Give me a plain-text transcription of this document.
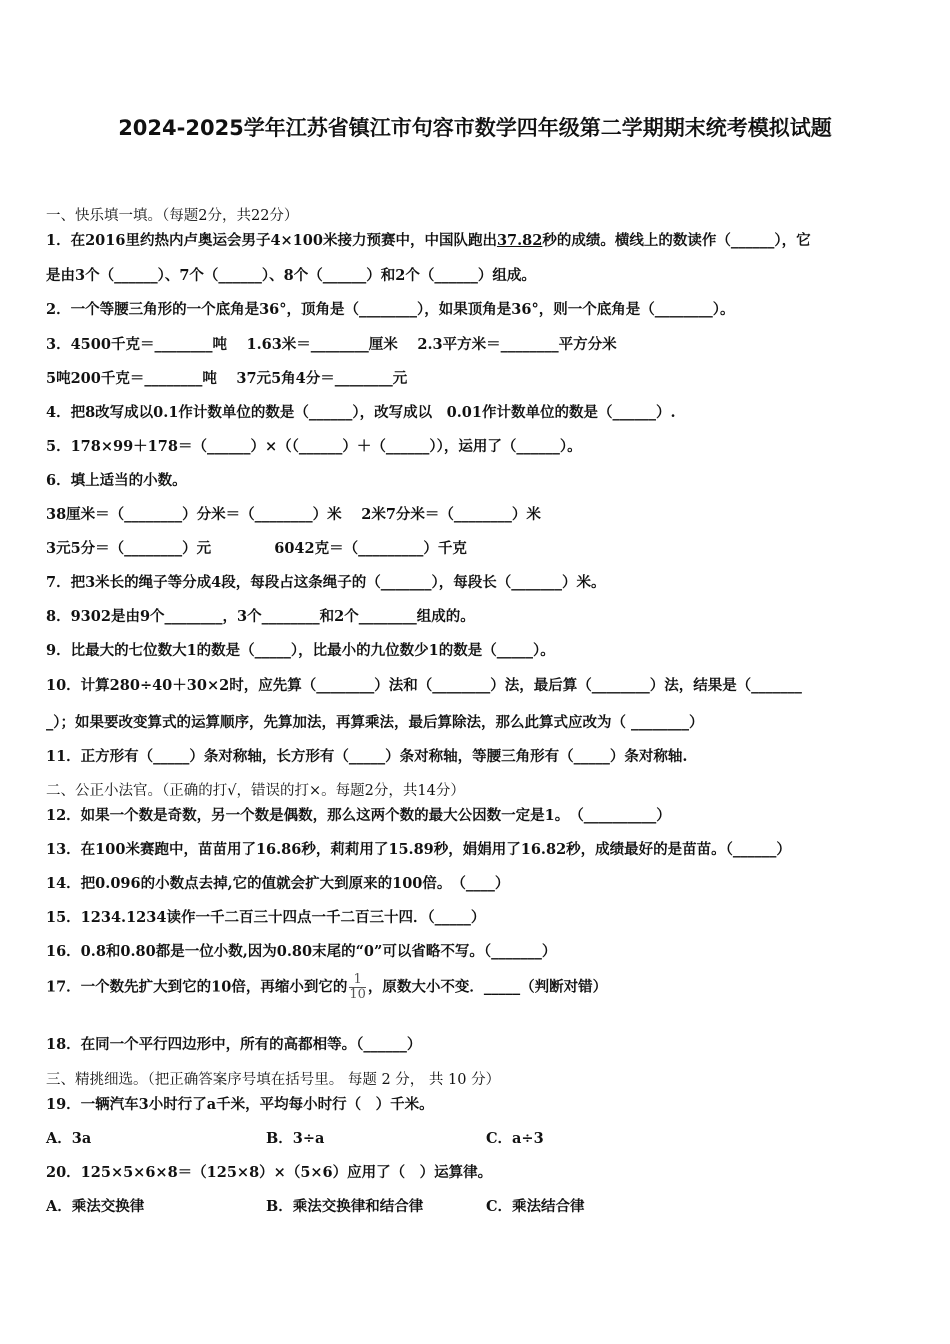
2024-2025学年江苏省镇江市句容市数学四年级第二学期期末统考模拟试题
一、快乐填一填。（每题2分，共22分）
1．在2016里约热内卢奥运会男子4×100米接力预赛中，中国队跑出37.82秒的成绩。横线上的数读作（______），它
是由3个（______）、7个（______）、8个（______）和2个（______）组成。
2．一个等腰三角形的一个底角是36°，顶角是（________），如果顶角是36°，则一个底角是（________）。
3．4500千克＝________吨　 1.63米＝________厘米　 2.3平方米＝________平方分米
5吨200千克＝________吨　 37元5角4分＝________元
4．把8改写成以0.1作计数单位的数是（______），改写成以　0.01作计数单位的数是（______）.
5．178×99＋178＝（______）×（（______）＋（______）），运用了（______）。
6．填上适当的小数。
38厘米＝（________）分米＝（________）米　 2米7分米＝（________）米
3元5分＝（________）元　　　　 6042克＝（_________）千克
7．把3米长的绳子等分成4段，每段占这条绳子的（_______），每段长（_______）米。
8．9302是由9个________，3个________和2个________组成的。
9．比最大的七位数大1的数是（_____），比最小的九位数少1的数是（_____）。
10．计算280÷40＋30×2时，应先算（________）法和（________）法，最后算（________）法，结果是（_______
_）；如果要改变算式的运算顺序，先算加法，再算乘法，最后算除法，那么此算式应改为（ ________）
11．正方形有（_____）条对称轴，长方形有（_____）条对称轴，等腰三角形有（_____）条对称轴.
二、公正小法官。（正确的打√，错误的打×。每题2分，共14分）
12．如果一个数是奇数，另一个数是偶数，那么这两个数的最大公因数一定是1。　（__________）
13．在100米赛跑中，苗苗用了16.86秒，莉莉用了15.89秒，娟娟用了16.82秒，成绩最好的是苗苗。（______）
14．把0.096的小数点去掉,它的值就会扩大到原来的100倍。　（____）
15．1234.1234读作一千二百三十四点一千二百三十四．（_____）
16．0.8和0.80都是一位小数,因为0.80末尾的“0”可以省略不写。（_______）
17．一个数先扩大到它的10倍，再缩小到它的 $\frac{1}{10}$ ，原数大小不变．_____（判断对错）
18．在同一个平行四边形中，所有的高都相等。（______）
三、精挑细选。（把正确答案序号填在括号里。 每题 2 分， 共 10 分）
19．一辆汽车3小时行了a千米，平均每小时行（　）千米。
A．3a	B．3÷a	C．a÷3
20．125×5×6×8＝（125×8）×（5×6）应用了（　）运算律。
A．乘法交换律	B．乘法交换律和结合律	C．乘法结合律
